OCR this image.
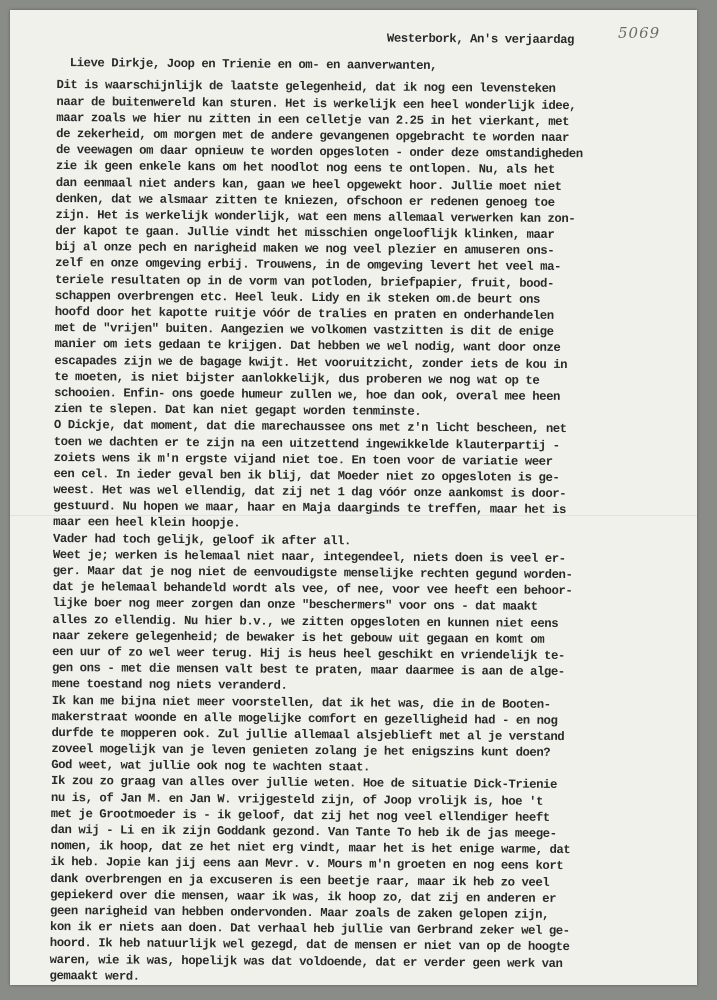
5069
Westerbork, An's verjaardag
Lieve Dirkje, Joop en Trienie en om- en aanverwanten,
Dit is waarschijnlijk de laatste gelegenheid, dat ik nog een levensteken
naar de buitenwereld kan sturen. Het is werkelijk een heel wonderlijk idee,
maar zoals we hier nu zitten in een celletje van 2.25 in het vierkant, met
de zekerheid, om morgen met de andere gevangenen opgebracht te worden naar
de veewagen om daar opnieuw te worden opgesloten - onder deze omstandigheden
zie ik geen enkele kans om het noodlot nog eens te ontlopen. Nu, als het
dan eenmaal niet anders kan, gaan we heel opgewekt hoor. Jullie moet niet
denken, dat we alsmaar zitten te kniezen, ofschoon er redenen genoeg toe
zijn. Het is werkelijk wonderlijk, wat een mens allemaal verwerken kan zon-
der kapot te gaan. Jullie vindt het misschien ongelooflijk klinken, maar
bij al onze pech en narigheid maken we nog veel plezier en amuseren ons-
zelf en onze omgeving erbij. Trouwens, in de omgeving levert het veel ma-
teriele resultaten op in de vorm van potloden, briefpapier, fruit, bood-
schappen overbrengen etc. Heel leuk. Lidy en ik steken om.de beurt ons
hoofd door het kapotte ruitje vóór de tralies en praten en onderhandelen
met de "vrijen" buiten. Aangezien we volkomen vastzitten is dit de enige
manier om iets gedaan te krijgen. Dat hebben we wel nodig, want door onze
escapades zijn we de bagage kwijt. Het vooruitzicht, zonder iets de kou in
te moeten, is niet bijster aanlokkelijk, dus proberen we nog wat op te
schooien. Enfin- ons goede humeur zullen we, hoe dan ook, overal mee heen
zien te slepen. Dat kan niet gegapt worden tenminste.
O Dickje, dat moment, dat die marechaussee ons met z'n licht bescheen, net
toen we dachten er te zijn na een uitzettend ingewikkelde klauterpartij -
zoiets wens ik m'n ergste vijand niet toe. En toen voor de variatie weer
een cel. In ieder geval ben ik blij, dat Moeder niet zo opgesloten is ge-
weest. Het was wel ellendig, dat zij net 1 dag vóór onze aankomst is door-
gestuurd. Nu hopen we maar, haar en Maja daarginds te treffen, maar het is
maar een heel klein hoopje.
Vader had toch gelijk, geloof ik after all.
Weet je; werken is helemaal niet naar, integendeel, niets doen is veel er-
ger. Maar dat je nog niet de eenvoudigste menselijke rechten gegund worden-
dat je helemaal behandeld wordt als vee, of nee, voor vee heeft een behoor-
lijke boer nog meer zorgen dan onze "beschermers" voor ons - dat maakt
alles zo ellendig. Nu hier b.v., we zitten opgesloten en kunnen niet eens
naar zekere gelegenheid; de bewaker is het gebouw uit gegaan en komt om
een uur of zo wel weer terug. Hij is heus heel geschikt en vriendelijk te-
gen ons - met die mensen valt best te praten, maar daarmee is aan de alge-
mene toestand nog niets veranderd.
Ik kan me bijna niet meer voorstellen, dat ik het was, die in de Booten-
makerstraat woonde en alle mogelijke comfort en gezelligheid had - en nog
durfde te mopperen ook. Zul jullie allemaal alsjeblieft met al je verstand
zoveel mogelijk van je leven genieten zolang je het enigszins kunt doen?
God weet, wat jullie ook nog te wachten staat.
Ik zou zo graag van alles over jullie weten. Hoe de situatie Dick-Trienie
nu is, of Jan M. en Jan W. vrijgesteld zijn, of Joop vrolijk is, hoe 't
met je Grootmoeder is - ik geloof, dat zij het nog veel ellendiger heeft
dan wij - Li en ik zijn Goddank gezond. Van Tante To heb ik de jas meege-
nomen, ik hoop, dat ze het niet erg vindt, maar het is het enige warme, dat
ik heb. Jopie kan jij eens aan Mevr. v. Mours m'n groeten en nog eens kort
dank overbrengen en ja excuseren is een beetje raar, maar ik heb zo veel
gepiekerd over die mensen, waar ik was, ik hoop zo, dat zij en anderen er
geen narigheid van hebben ondervonden. Maar zoals de zaken gelopen zijn,
kon ik er niets aan doen. Dat verhaal heb jullie van Gerbrand zeker wel ge-
hoord. Ik heb natuurlijk wel gezegd, dat de mensen er niet van op de hoogte
waren, wie ik was, hopelijk was dat voldoende, dat er verder geen werk van
gemaakt werd.
